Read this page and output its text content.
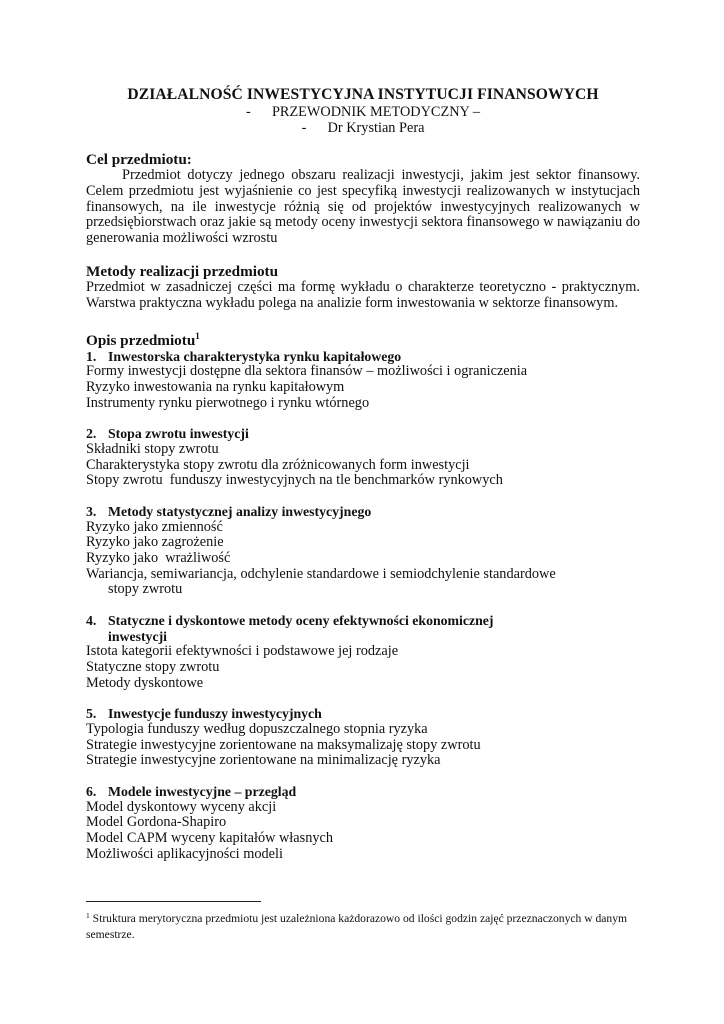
DZIAŁALNOŚĆ INWESTYCYJNA INSTYTUCJI FINANSOWYCH
- PRZEWODNIK METODYCZNY –
- Dr Krystian Pera
Cel przedmiotu:

Przedmiot dotyczy jednego obszaru realizacji inwestycji, jakim jest sektor finansowy. Celem przedmiotu jest wyjaśnienie co jest specyfiką inwestycji realizowanych w instytucjach finansowych, na ile inwestycje różnią się od projektów inwestycyjnych realizowanych w przedsiębiorstwach oraz jakie są metody oceny inwestycji sektora finansowego w nawiązaniu do generowania możliwości wzrostu

Metody realizacji przedmiotu

Przedmiot w zasadniczej części ma formę wykładu o charakterze teoretyczno - praktycznym. Warstwa praktyczna wykładu polega na analizie form inwestowania w sektorze finansowym.

Opis przedmiotu$^1$
1. Inwestorska charakterystyka rynku kapitałowego
Formy inwestycji dostępne dla sektora finansów – możliwości i ograniczenia
Ryzyko inwestowania na rynku kapitałowym
Instrumenty rynku pierwotnego i rynku wtórnego
2. Stopa zwrotu inwestycji
Składniki stopy zwrotu
Charakterystyka stopy zwrotu dla zróżnicowanych form inwestycji
Stopy zwrotu  funduszy inwestycyjnych na tle benchmarków rynkowych
3. Metody statystycznej analizy inwestycyjnego
Ryzyko jako zmienność
Ryzyko jako zagrożenie
Ryzyko jako  wrażliwość
Wariancja, semiwariancja, odchylenie standardowe i semiodchylenie standardowe
stopy zwrotu
4. Statyczne i dyskontowe metody oceny efektywności ekonomicznej
inwestycji
Istota kategorii efektywności i podstawowe jej rodzaje
Statyczne stopy zwrotu
Metody dyskontowe
5. Inwestycje funduszy inwestycyjnych
Typologia funduszy według dopuszczalnego stopnia ryzyka
Strategie inwestycyjne zorientowane na maksymalizaję stopy zwrotu
Strategie inwestycyjne zorientowane na minimalizację ryzyka
6. Modele inwestycyjne – przegląd
Model dyskontowy wyceny akcji
Model Gordona-Shapiro
Model CAPM wyceny kapitałów własnych
Możliwości aplikacyjności modeli
$^1$ Struktura merytoryczna przedmiotu jest uzależniona każdorazowo od ilości godzin zajęć przeznaczonych w danym semestrze.
